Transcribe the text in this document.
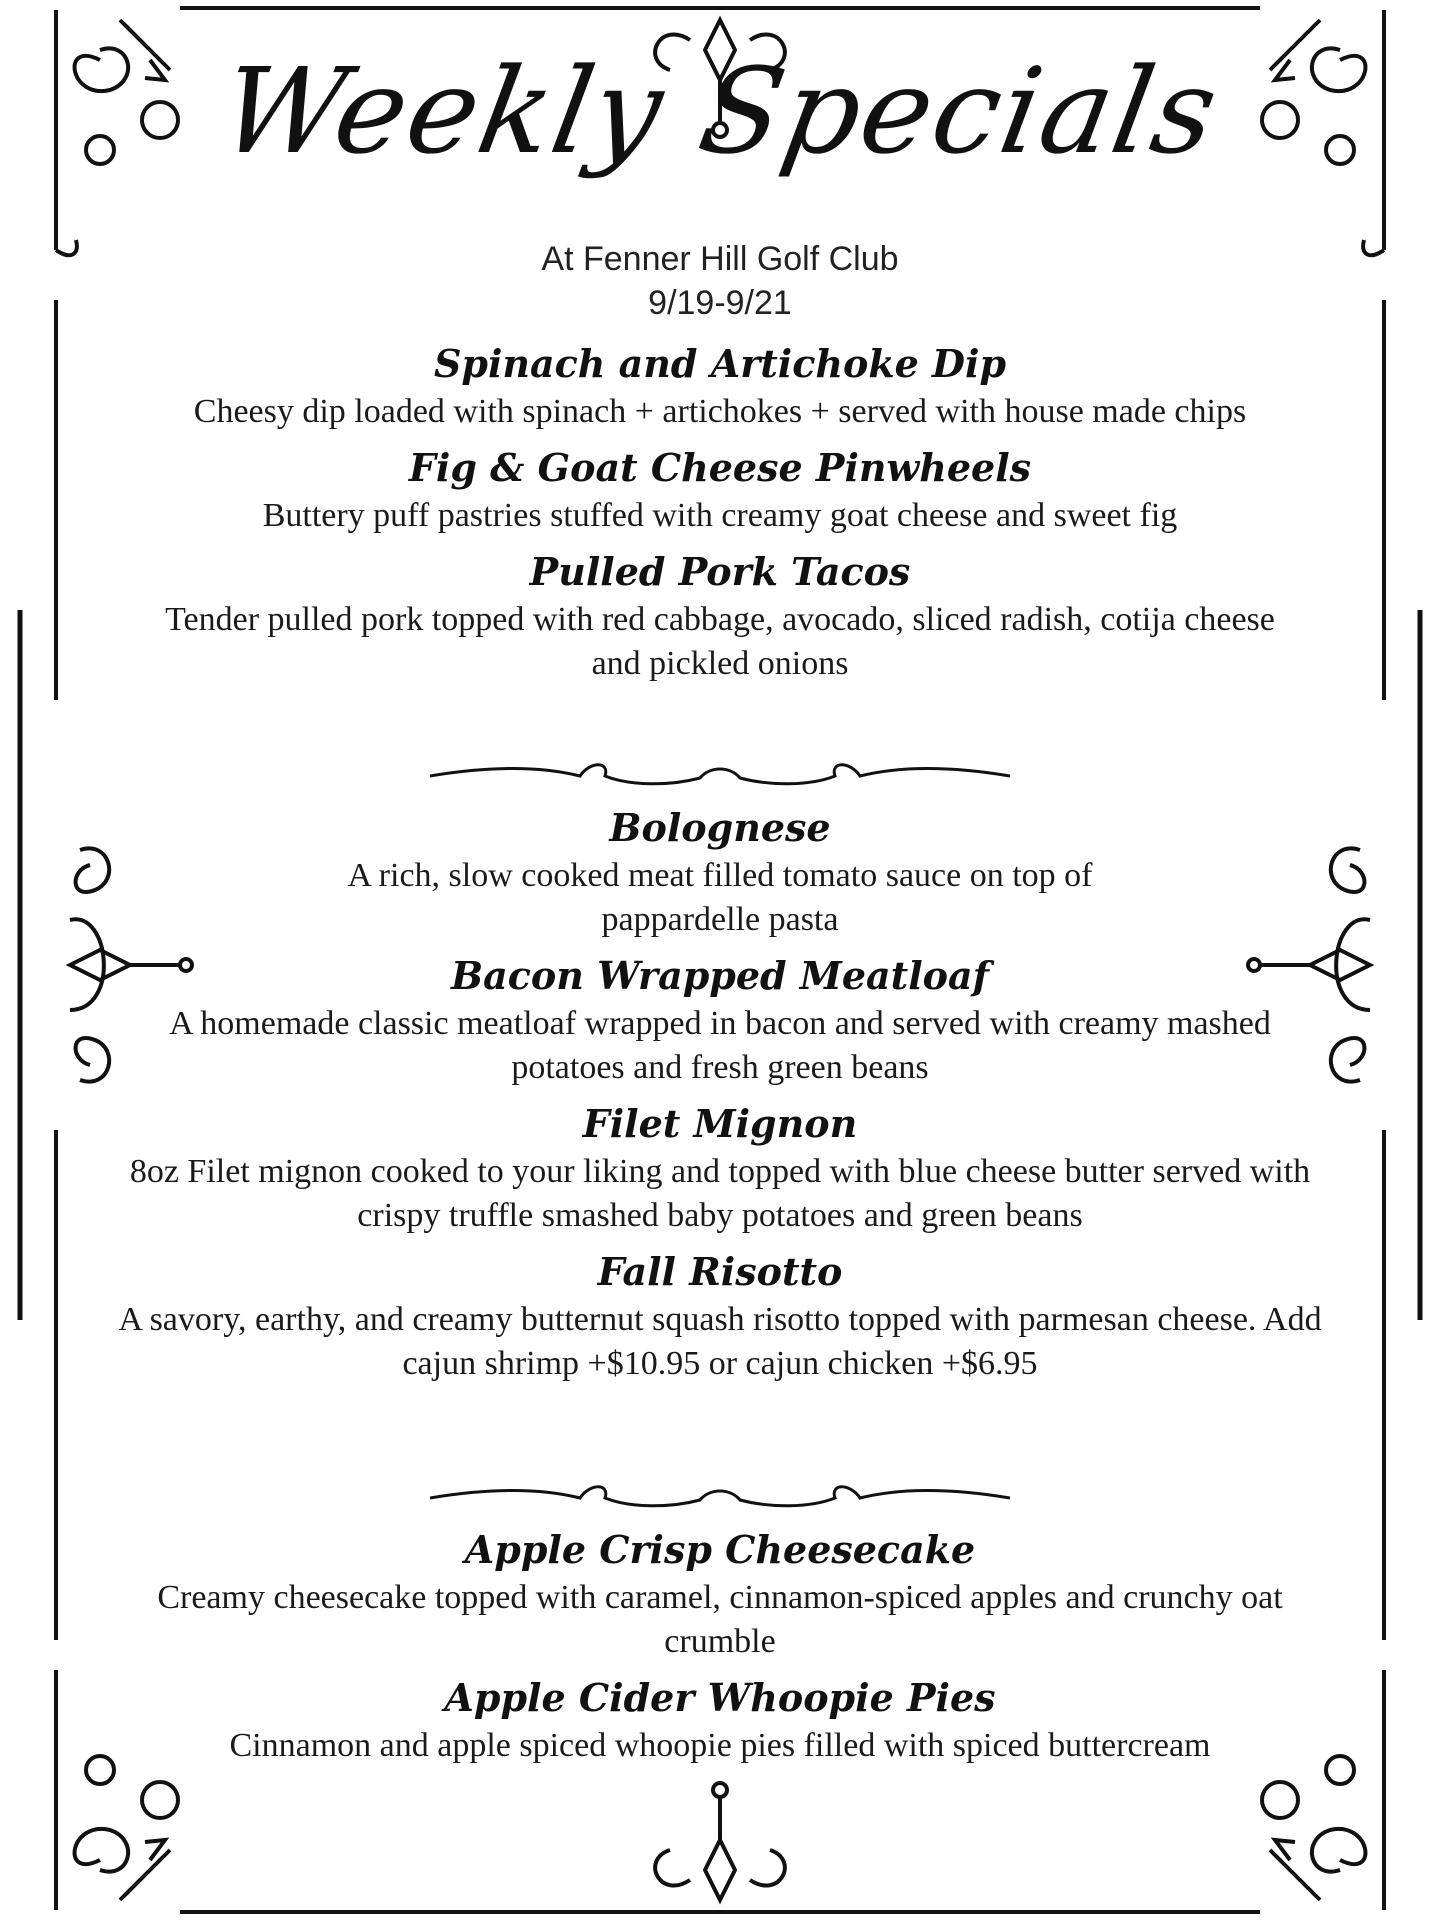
Weekly Specials
At Fenner Hill Golf Club
9/19-9/21

Spinach and Artichoke Dip

Cheesy dip loaded with spinach + artichokes + served with house made chips

Fig & Goat Cheese Pinwheels

Buttery puff pastries stuffed with creamy goat cheese and sweet fig

Pulled Pork Tacos

Tender pulled pork topped with red cabbage, avocado, sliced radish, cotija cheese and pickled onions

Bolognese

A rich, slow cooked meat filled tomato sauce on top of pappardelle pasta

Bacon Wrapped Meatloaf

A homemade classic meatloaf wrapped in bacon and served with creamy mashed potatoes and fresh green beans

Filet Mignon

8oz Filet mignon cooked to your liking and topped with blue cheese butter served with crispy truffle smashed baby potatoes and green beans

Fall Risotto

A savory, earthy, and creamy butternut squash risotto topped with parmesan cheese. Add cajun shrimp +$10.95 or cajun chicken +$6.95

Apple Crisp Cheesecake

Creamy cheesecake topped with caramel, cinnamon-spiced apples and crunchy oat crumble

Apple Cider Whoopie Pies

Cinnamon and apple spiced whoopie pies filled with spiced buttercream
